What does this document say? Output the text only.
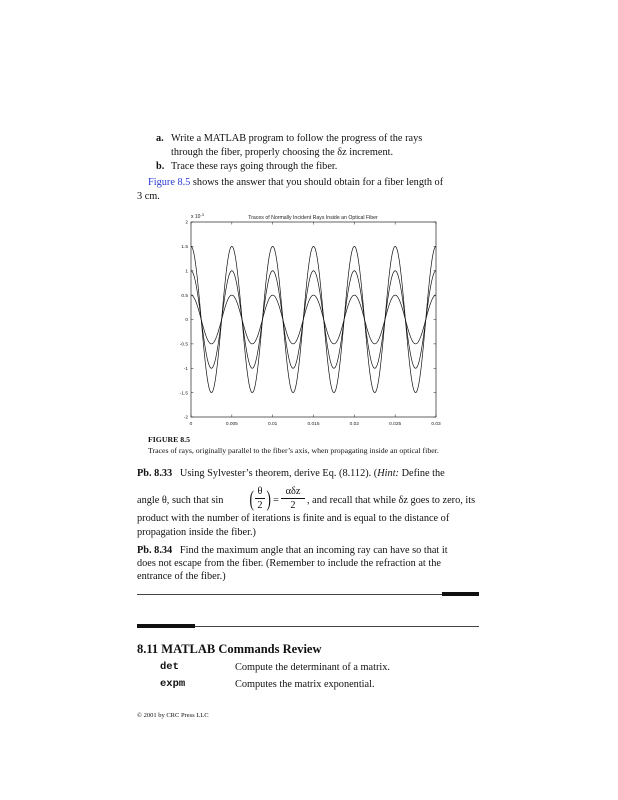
a. Write a MATLAB program to follow the progress of the rays
through the fiber, properly choosing the δz increment.
b. Trace these rays going through the fiber.
Figure 8.5 shows the answer that you should obtain for a fiber length of
3 cm.
x $10^{-3}$	Traces of Normally Incident Rays Inside an Optical Fiber
0	0.005	0.01	0.015	0.02	0.025	0.03
2
1.5
1
0.5
0
-0.5
-1
-1.5
-2
FIGURE 8.5
Traces of rays, originally parallel to the fiber’s axis, when propagating inside an optical fiber.
Pb. 8.33 Using Sylvester’s theorem, derive Eq. (8.112). (Hint: Define the
angle θ, such that sin ( $\frac{\theta}{2}$ ) =
αδz
2	, and recall that while δz goes to zero, its
product with the number of iterations is finite and is equal to the distance of
propagation inside the fiber.)
Pb. 8.34 Find the maximum angle that an incoming ray can have so that it
does not escape from the fiber. (Remember to include the refraction at the
entrance of the fiber.)
8.11 MATLAB Commands Review
det	Compute the determinant of a matrix.
expm	Computes the matrix exponential.
© 2001 by CRC Press LLC
